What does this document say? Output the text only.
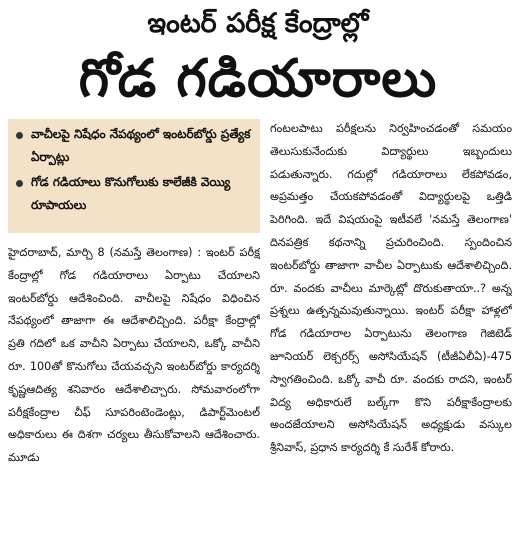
ఇంటర్ పరీక్ష కేంద్రాల్లో
గోడ గడియారాలు
వాచీలపై నిషేధం నేపథ్యంలో ఇంటర్‌బోర్డు ప్రత్యేక ఏర్పాట్లు
గోడ గడియాలు కొనుగోలుకు కాలేజీకి వెయ్యి రూపాయలు

హైదరాబాద్, మార్చి 8 (నమస్తే తెలంగాణ) : ఇంటర్ పరీక్ష కేంద్రాల్లో గోడ గడియారాలు ఏర్పాటు చేయాలని ఇంటర్‌బోర్డు ఆదేశించింది. వాచీలపై నిషేధం విధించిన నేపథ్యంలో తాజాగా ఈ ఆదేశాలిచ్చింది. పరీక్షా కేంద్రాల్లో ప్రతి గదిలో ఒక వాచీని ఏర్పాటు చేయాలని, ఒక్కో వాచీని రూ. 100తో కొనుగోలు చేయవచ్చని ఇంటర్‌బోర్డు కార్యదర్శి కృష్ణఆదిత్య శనివారం ఆదేశాలిచ్చారు. సోమవారంలోగా పరీక్షకేంద్రాల చీఫ్ సూపరింటెండెంట్లు, డిపార్ట్‌మెంటల్ అధికారులు ఈ దిశగా చర్యలు తీసుకోవాలని ఆదేశించారు. మూడు

గంటలపాటు పరీక్షలను నిర్వహించడంతో సమయం తెలుసుకునేందుకు విద్యార్థులు ఇబ్బందులు పడుతున్నారు. గదుల్లో గడియారాలు లేకపోవడం, అప్రమత్తం చేయకపోవడంతో విద్యార్థులపై ఒత్తిడి పెరిగింది. ఇదే విషయంపై ఇటీవలే 'నమస్తే తెలంగాణ' దినపత్రిక కథనాన్ని ప్రచురించింది. స్పందించిన ఇంటర్‌బోర్డు తాజాగా వాచీల ఏర్పాటుకు ఆదేశాలిచ్చింది. రూ. వందకు వాచీలు మార్కెట్లో దొరుకుతాయా..? అన్న ప్రశ్నలు ఉత్పన్నమవుతున్నాయి. ఇంటర్ పరీక్షా హాళ్లలో గోడ గడియారాల ఏర్పాటును తెలంగాణ గెజిటెడ్ జూనియర్ లెక్చరర్స్ అసోసియేషన్ (టీజీఏలీఏ)-475 స్వాగతించింది. ఒక్కో వాచీ రూ. వందకు రాదని, ఇంటర్ విద్య అధికారులే బల్క్‌గా కొని పరీక్షాకేంద్రాలకు అందజేయాలని అసోసియేషన్ అధ్యక్షుడు వస్కుల శ్రీనివాస్, ప్రధాన కార్యదర్శి కే సురేశ్ కోరారు.
